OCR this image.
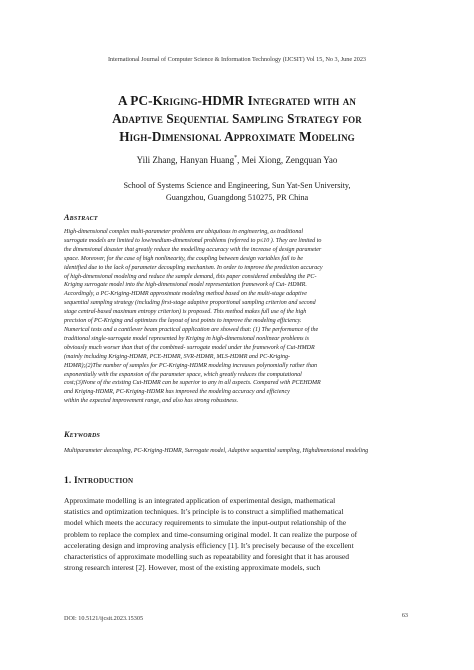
International Journal of Computer Science & Information Technology (IJCSIT) Vol 15, No 3, June 2023
A PC-Kriging-HDMR Integrated with an
Adaptive Sequential Sampling Strategy for
High-Dimensional Approximate Modeling
Yili Zhang, Hanyan Huang*, Mei Xiong, Zengquan Yao
School of Systems Science and Engineering, Sun Yat-Sen University,
Guangzhou, Guangdong 510275, PR China
Abstract
High-dimensional complex multi-parameter problems are ubiquitous in engineering, as traditional
surrogate models are limited to low/medium-dimensional problems (referred to p≤10 ). They are limited to
the dimensional disaster that greatly reduce the modelling accuracy with the increase of design parameter
space. Moreover, for the case of high nonlinearity, the coupling between design variables fail to be
identified due to the lack of parameter decoupling mechanism. In order to improve the prediction accuracy
of high-dimensional modeling and reduce the sample demand, this paper considered embedding the PC-
Kriging surrogate model into the high-dimensional model representation framework of Cut- HDMR.
Accordingly, a PC-Kriging-HDMR approximate modeling method based on the multi-stage adaptive
sequential sampling strategy (including first-stage adaptive proportional sampling criterion and second
stage central-based maximum entropy criterion) is proposed. This method makes full use of the high
precision of PC-Kriging and optimizes the layout of test points to improve the modeling efficiency.
Numerical tests and a cantilever beam practical application are showed that: (1) The performance of the
traditional single-surrogate model represented by Kriging in high-dimensional nonlinear problems is
obviously much worser than that of the combined- surrogate model under the framework of Cut-HMDR
(mainly including Kriging-HDMR, PCE-HDMR, SVR-HDMR, MLS-HDMR and PC-Kriging-
HDMR);(2)The number of samples for PC-Kriging-HDMR modeling increases polynomially rather than
exponentially with the expansion of the parameter space, which greatly reduces the computational
cost;(3)None of the existing Cut-HDMR can be superior to any in all aspects. Compared with PCEHDMR
and Kriging-HDMR, PC-Kriging-HDMR has improved the modeling accuracy and efficiency
within the expected improvement range, and also has strong robustness.
Keywords
Multiparameter decoupling, PC-Kriging-HDMR, Surrogate model, Adaptive sequential sampling, Highdimensional modeling
1. Introduction
Approximate modelling is an integrated application of experimental design, mathematical
statistics and optimization techniques. It’s principle is to construct a simplified mathematical
model which meets the accuracy requirements to simulate the input-output relationship of the
problem to replace the complex and time-consuming original model. It can realize the purpose of
accelerating design and improving analysis efficiency [1]. It’s precisely because of the excellent
characteristics of approximate modelling such as repeatability and foresight that it has aroused
strong research interest [2]. However, most of the existing approximate models, such
DOI: 10.5121/ijcsit.2023.15305	63
